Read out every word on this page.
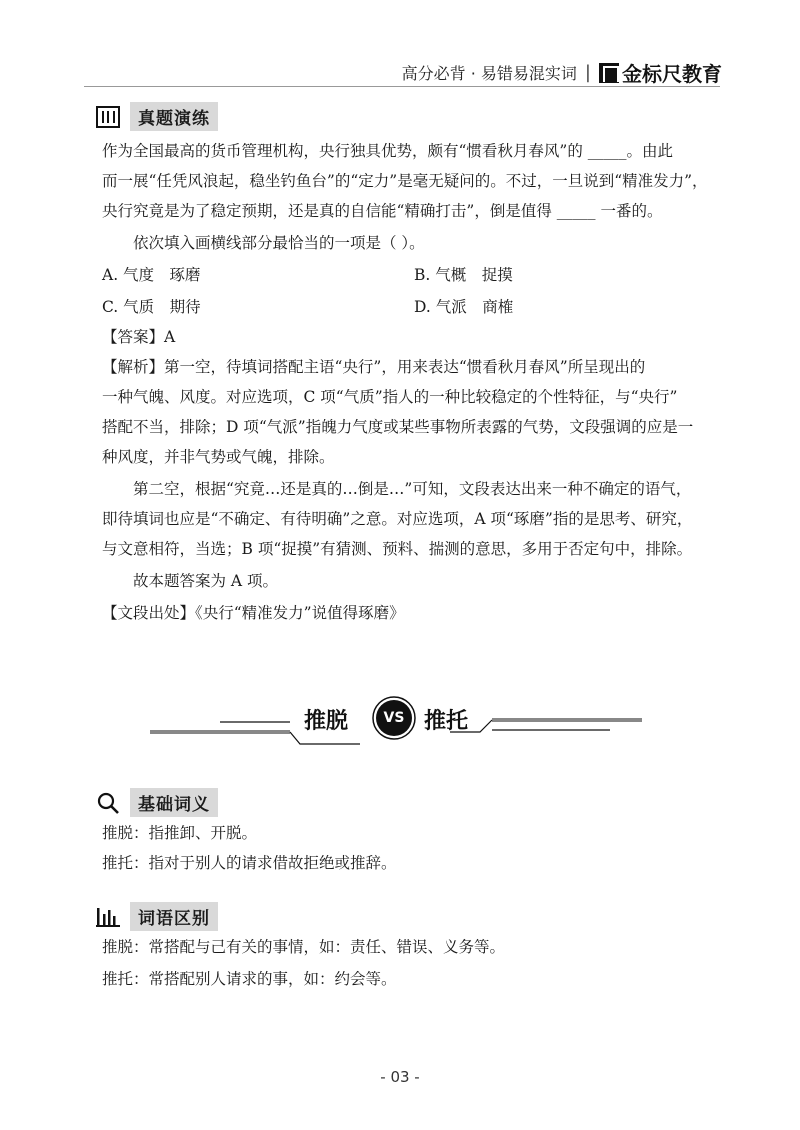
高分必背 · 易错易混实词 | 金标尺教育
真题演练
作为全国最高的货币管理机构，央行独具优势，颇有“惯看秋月春风”的 _____。由此
而一展“任凭风浪起，稳坐钓鱼台”的“定力”是毫无疑问的。不过，一旦说到“精准发力”，
央行究竟是为了稳定预期，还是真的自信能“精确打击”，倒是值得 _____ 一番的。
依次填入画横线部分最恰当的一项是（ ）。
A. 气度　琢磨	B. 气概　捉摸
C. 气质　期待	D. 气派　商榷
【答案】A
【解析】第一空，待填词搭配主语“央行”，用来表达“惯看秋月春风”所呈现出的
一种气魄、风度。对应选项，C 项“气质”指人的一种比较稳定的个性特征，与“央行”
搭配不当，排除；D 项“气派”指魄力气度或某些事物所表露的气势，文段强调的应是一
种风度，并非气势或气魄，排除。
第二空，根据“究竟…还是真的…倒是…”可知，文段表达出来一种不确定的语气，
即待填词也应是“不确定、有待明确”之意。对应选项，A 项“琢磨”指的是思考、研究，
与文意相符，当选；B 项“捉摸”有猜测、预料、揣测的意思，多用于否定句中，排除。
故本题答案为 A 项。
【文段出处】《央行“精准发力”说值得琢磨》
推脱	VS 推托
基础词义
推脱：指推卸、开脱。
推托：指对于别人的请求借故拒绝或推辞。
词语区别
推脱：常搭配与己有关的事情，如：责任、错误、义务等。
推托：常搭配别人请求的事，如：约会等。
- 03 -
